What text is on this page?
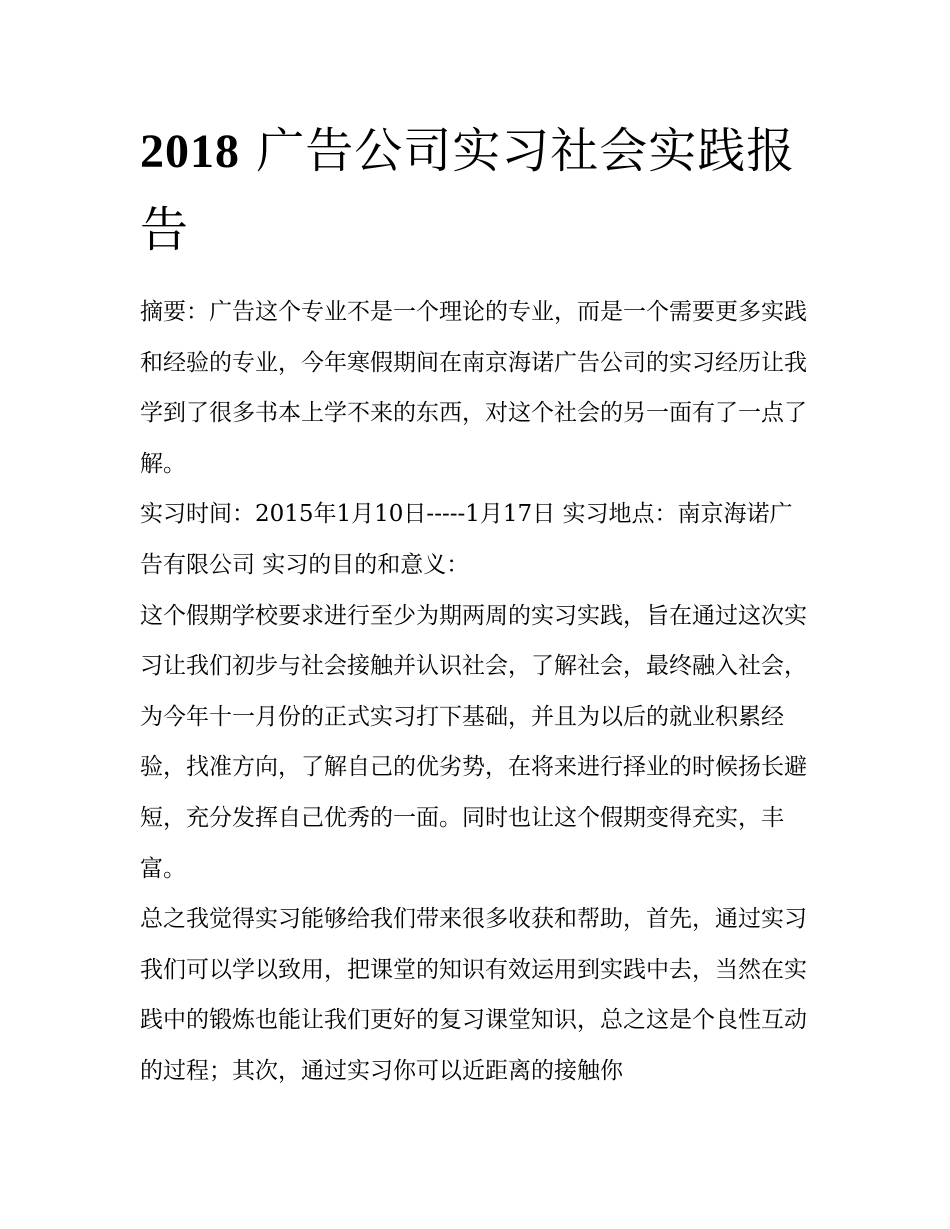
2018 广告公司实习社会实践报告

摘要：广告这个专业不是一个理论的专业，而是一个需要更多实践和经验的专业，今年寒假期间在南京海诺广告公司的实习经历让我学到了很多书本上学不来的东西，对这个社会的另一面有了一点了解。

实习时间：2015年1月10日-----1月17日 实习地点：南京海诺广告有限公司 实习的目的和意义：

这个假期学校要求进行至少为期两周的实习实践，旨在通过这次实习让我们初步与社会接触并认识社会，了解社会，最终融入社会，为今年十一月份的正式实习打下基础，并且为以后的就业积累经验，找准方向，了解自己的优劣势，在将来进行择业的时候扬长避短，充分发挥自己优秀的一面。同时也让这个假期变得充实，丰富。

总之我觉得实习能够给我们带来很多收获和帮助，首先，通过实习我们可以学以致用，把课堂的知识有效运用到实践中去，当然在实践中的锻炼也能让我们更好的复习课堂知识，总之这是个良性互动的过程；其次，通过实习你可以近距离的接触你
